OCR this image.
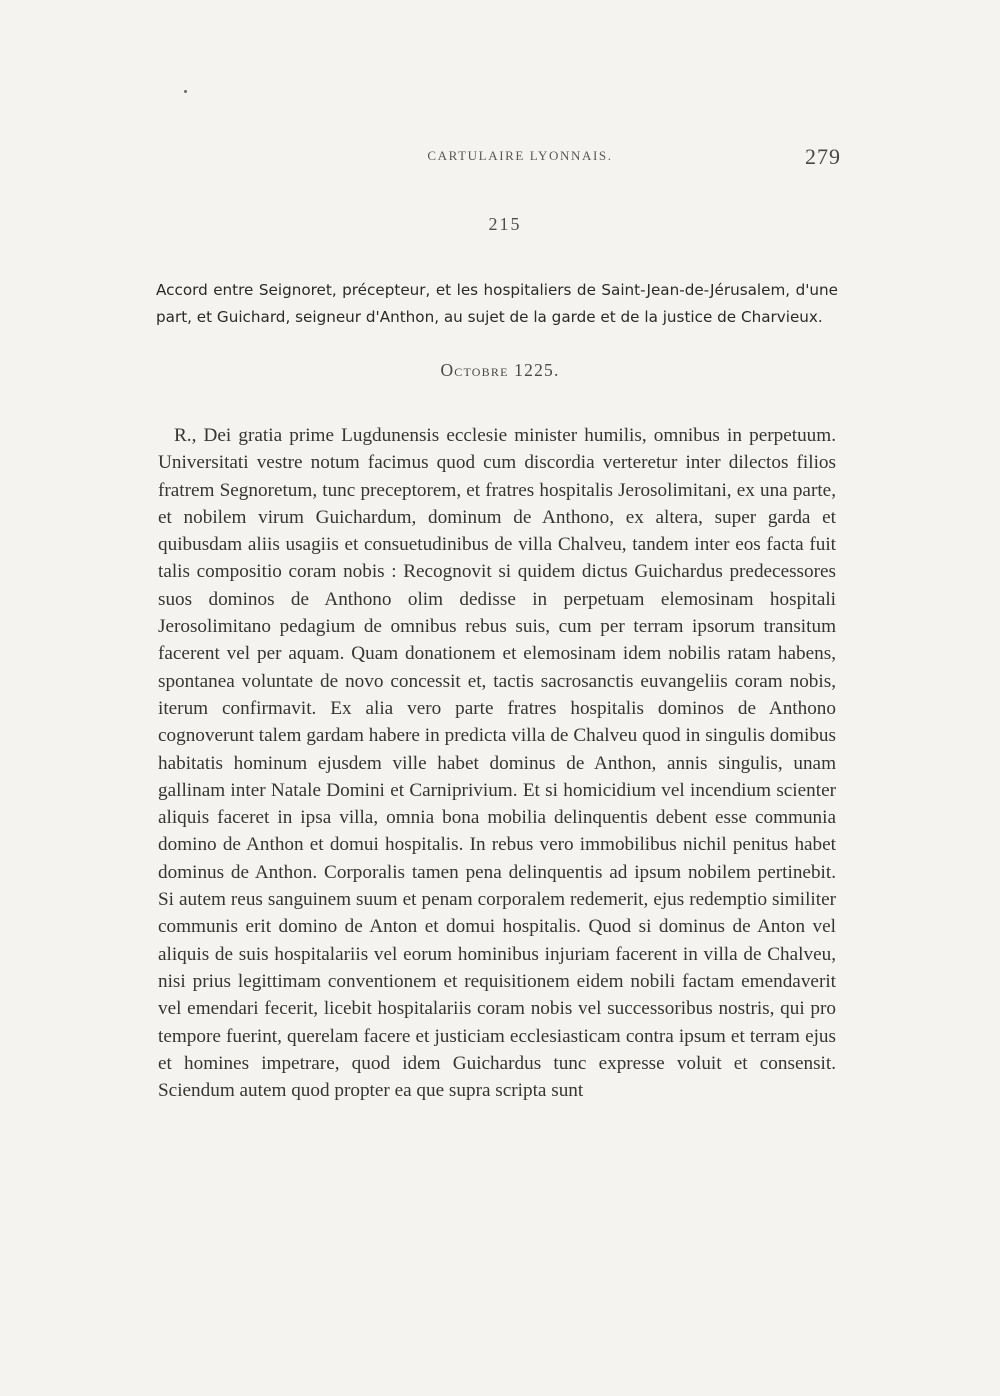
CARTULAIRE LYONNAIS.	279
215
Accord entre Seignoret, précepteur, et les hospitaliers de Saint-Jean-de-Jérusalem, d'une part, et Guichard, seigneur d'Anthon, au sujet de la garde et de la justice de Charvieux.
Octobre 1225.

R., Dei gratia prime Lugdunensis ecclesie minister humilis, omnibus in perpetuum. Universitati vestre notum facimus quod cum discordia verteretur inter dilectos filios fratrem Segnoretum, tunc preceptorem, et fratres hospitalis Jerosolimitani, ex una parte, et nobilem virum Guichardum, dominum de Anthono, ex altera, super garda et quibusdam aliis usagiis et consuetudinibus de villa Chalveu, tandem inter eos facta fuit talis compositio coram nobis : Recognovit si quidem dictus Guichardus predecessores suos dominos de Anthono olim dedisse in perpetuam elemosinam hospitali Jerosolimitano pedagium de omnibus rebus suis, cum per terram ipsorum transitum facerent vel per aquam. Quam donationem et elemosinam idem nobilis ratam habens, spontanea voluntate de novo concessit et, tactis sacrosanctis euvangeliis coram nobis, iterum confirmavit. Ex alia vero parte fratres hospitalis dominos de Anthono cognoverunt talem gardam habere in predicta villa de Chalveu quod in singulis domibus habitatis hominum ejusdem ville habet dominus de Anthon, annis singulis, unam gallinam inter Natale Domini et Carniprivium. Et si homicidium vel incendium scienter aliquis faceret in ipsa villa, omnia bona mobilia delinquentis debent esse communia domino de Anthon et domui hospitalis. In rebus vero immobilibus nichil penitus habet dominus de Anthon. Corporalis tamen pena delinquentis ad ipsum nobilem pertinebit. Si autem reus sanguinem suum et penam corporalem redemerit, ejus redemptio similiter communis erit domino de Anton et domui hospitalis. Quod si dominus de Anton vel aliquis de suis hospitalariis vel eorum hominibus injuriam facerent in villa de Chalveu, nisi prius legittimam conventionem et requisitionem eidem nobili factam emendaverit vel emendari fecerit, licebit hospitalariis coram nobis vel successoribus nostris, qui pro tempore fuerint, querelam facere et justiciam ecclesiasticam contra ipsum et terram ejus et homines impetrare, quod idem Guichardus tunc expresse voluit et consensit. Sciendum autem quod propter ea que supra scripta sunt
